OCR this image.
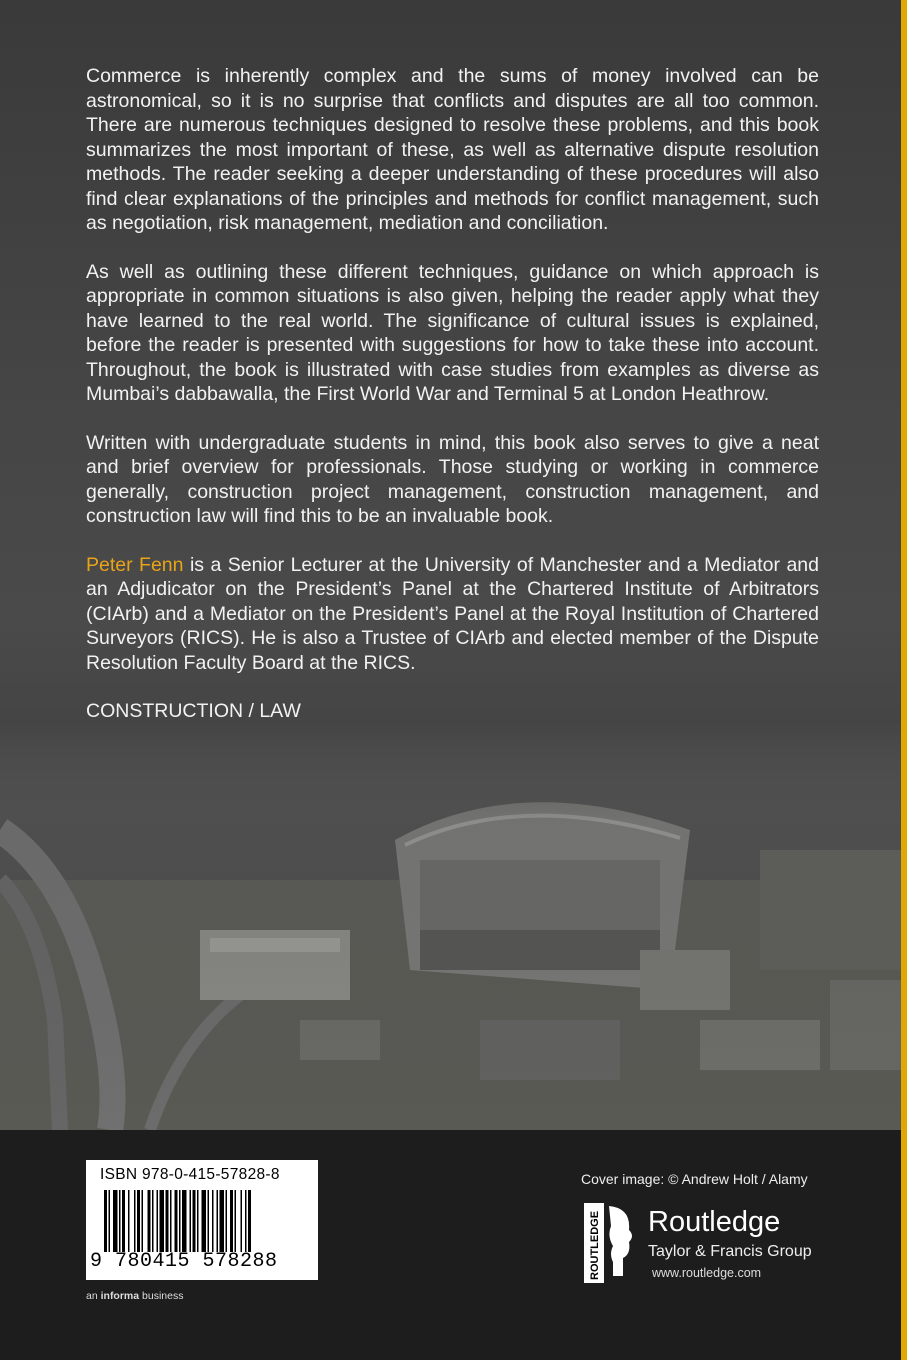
Commerce is inherently complex and the sums of money involved can be astronomical, so it is no surprise that conflicts and disputes are all too common. There are numerous techniques designed to resolve these problems, and this book summarizes the most important of these, as well as alternative dispute resolution methods. The reader seeking a deeper understanding of these procedures will also find clear explanations of the principles and methods for conflict management, such as negotiation, risk management, mediation and conciliation.

As well as outlining these different techniques, guidance on which approach is appropriate in common situations is also given, helping the reader apply what they have learned to the real world. The significance of cultural issues is explained, before the reader is presented with suggestions for how to take these into account. Throughout, the book is illustrated with case studies from examples as diverse as Mumbai’s dabbawalla, the First World War and Terminal 5 at London Heathrow.

Written with undergraduate students in mind, this book also serves to give a neat and brief overview for professionals. Those studying or working in commerce generally, construction project management, construction management, and construction law will find this to be an invaluable book.

Peter Fenn is a Senior Lecturer at the University of Manchester and a Mediator and an Adjudicator on the President’s Panel at the Chartered Institute of Arbitrators (CIArb) and a Mediator on the President’s Panel at the Royal Institution of Chartered Surveyors (RICS). He is also a Trustee of CIArb and elected member of the Dispute Resolution Faculty Board at the RICS.

CONSTRUCTION / LAW

ISBN 978-0-415-57828-8
9 780415 578288
an informa business
Cover image: © Andrew Holt / Alamy
ROUTLEDGE Routledge
Taylor & Francis Group
www.routledge.com
